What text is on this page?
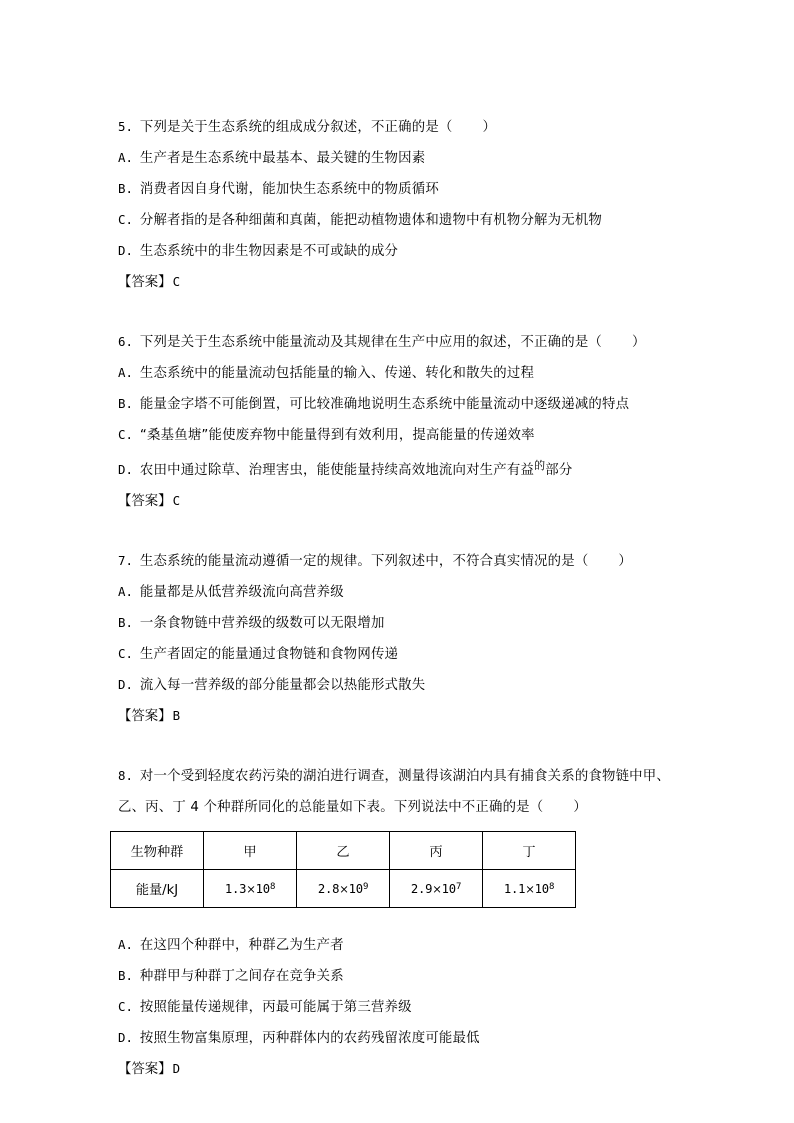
5. 下列是关于生态系统的组成成分叙述，不正确的是（ ）
A. 生产者是生态系统中最基本、最关键的生物因素
B. 消费者因自身代谢，能加快生态系统中的物质循环
C. 分解者指的是各种细菌和真菌，能把动植物遗体和遗物中有机物分解为无机物
D. 生态系统中的非生物因素是不可或缺的成分
【答案】C
6. 下列是关于生态系统中能量流动及其规律在生产中应用的叙述，不正确的是（ ）
A. 生态系统中的能量流动包括能量的输入、传递、转化和散失的过程
B. 能量金字塔不可能倒置，可比较准确地说明生态系统中能量流动中逐级递减的特点
C. “桑基鱼塘”能使废弃物中能量得到有效利用，提高能量的传递效率
D. 农田中通过除草、治理害虫，能使能量持续高效地流向对生产有益$^的$部分
【答案】C
7. 生态系统的能量流动遵循一定的规律。下列叙述中，不符合真实情况的是（ ）
A. 能量都是从低营养级流向高营养级
B. 一条食物链中营养级的级数可以无限增加
C. 生产者固定的能量通过食物链和食物网传递
D. 流入每一营养级的部分能量都会以热能形式散失
【答案】B
8. 对一个受到轻度农药污染的湖泊进行调查，测量得该湖泊内具有捕食关系的食物链中甲、
乙、丙、丁 4 个种群所同化的总能量如下表。下列说法中不正确的是（ ）
生物种群	甲	乙	丙	丁
能量/kJ	$1.3\times 10^8$	$2.8\times 10^9$	$2.9\times 10^7$	$1.1\times 10^8$
A. 在这四个种群中，种群乙为生产者
B. 种群甲与种群丁之间存在竞争关系
C. 按照能量传递规律，丙最可能属于第三营养级
D. 按照生物富集原理，丙种群体内的农药残留浓度可能最低
【答案】D
